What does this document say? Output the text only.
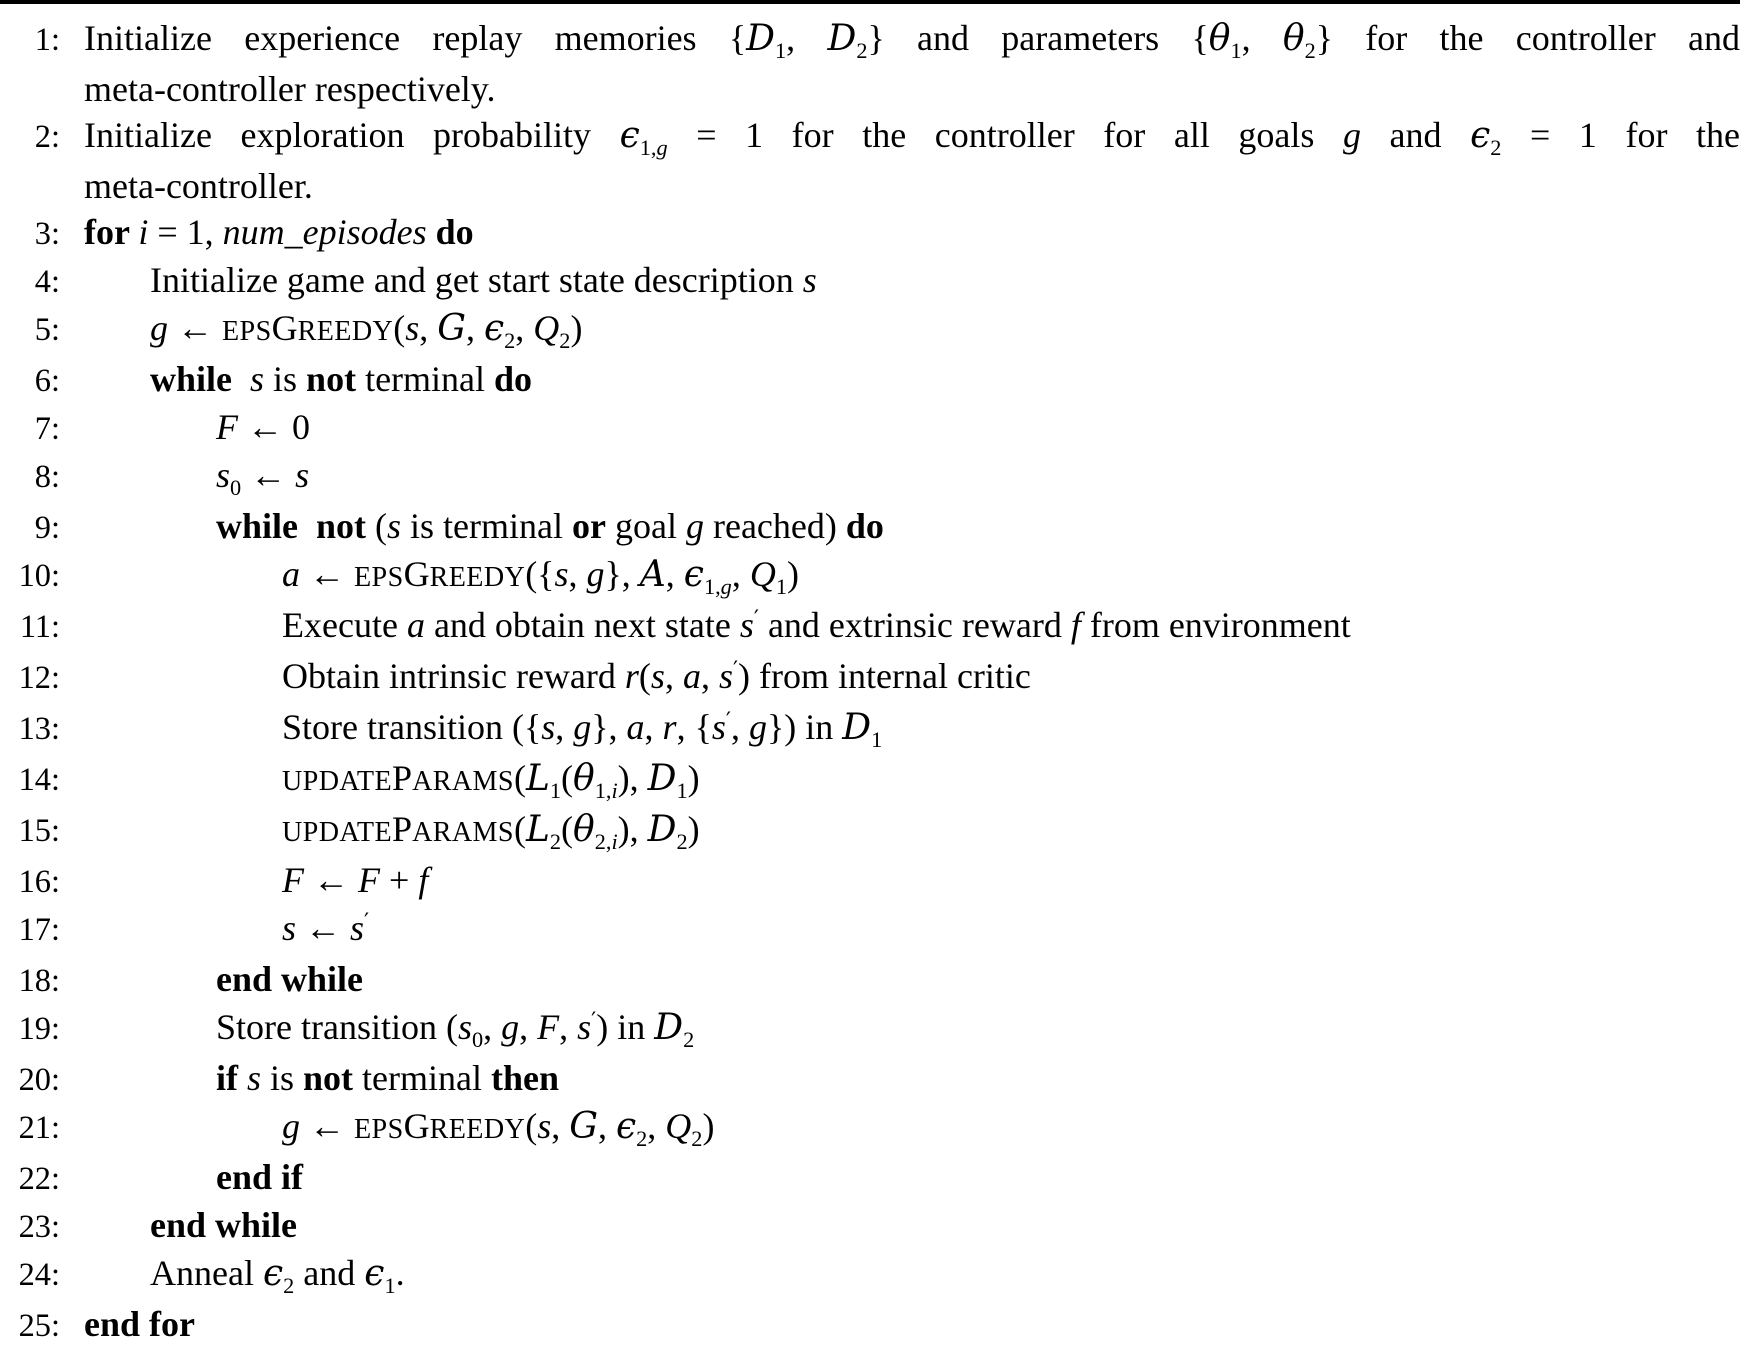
1: Initialize experience replay memories {$D_1$, $D_2$} and parameters {$\theta_1$, $\theta_2$} for the controller and
meta-controller respectively.
2: Initialize exploration probability $\epsilon_{1,g} = 1$ for the controller for all goals g and $\epsilon_2 = 1$ for the
meta-controller.
3: for i = 1, num_episodes do
4:	Initialize game and get start state description s
5:	g ← EPSGREEDY(s, G, $\epsilon_2$, $Q_2$)
6:	while s is not terminal do
7:	F ← 0
8:	$s_0$ ← s
9:	while not (s is terminal or goal g reached) do
10:	a ← EPSGREEDY({s, g}, A, $\epsilon_{1,g}$, $Q_1$)
11:	Execute a and obtain next state s′ and extrinsic reward f from environment
12:	Obtain intrinsic reward r(s, a, s′) from internal critic
13:	Store transition ({s, g}, a, r, {s′, g}) in $D_1$
14:	$UPDATEPARAMS(L_1(\theta_{1,i})$, $D_1$)
15:	$UPDATEPARAMS(L_2(\theta_{2,i})$, $D_2$)
16:	F ← F + f
17:	s ← s′
18:	end while
19:	Store transition ($s_0$, g, F, s′) in $D_2$
20:	if s is not terminal then
21:	g ← EPSGREEDY(s, G, $\epsilon_2$, $Q_2$)
22:	end if
23:	end while
24:	Anneal $\epsilon_2$ and $\epsilon_1$.
25: end for
